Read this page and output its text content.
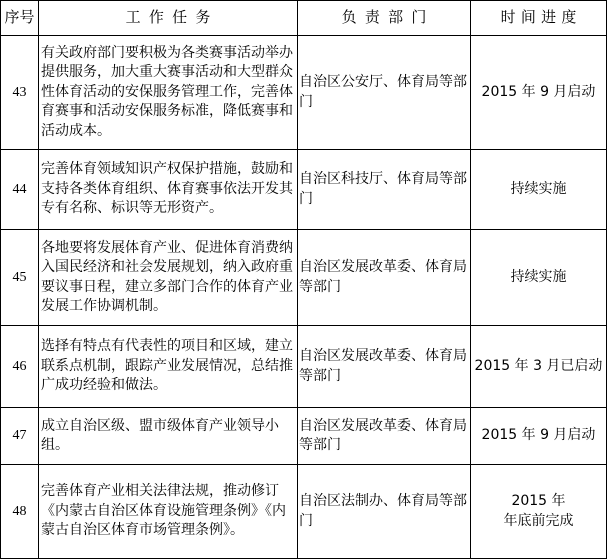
序号	工作任务	负责部门	时间进度
43	有关政府部门要积极为各类赛事活动举办提供服务，加大重大赛事活动和大型群众性体育活动的安保服务管理工作，完善体育赛事和活动安保服务标准，降低赛事和活动成本。	自治区公安厅、体育局等部门	2015 年 9 月启动

44	完善体育领域知识产权保护措施，鼓励和支持各类体育组织、体育赛事依法开发其专有名称、标识等无形资产。	自治区科技厅、体育局等部门	持续实施

45	各地要将发展体育产业、促进体育消费纳入国民经济和社会发展规划，纳入政府重要议事日程，建立多部门合作的体育产业发展工作协调机制。	自治区发展改革委、体育局等部门	持续实施

46	选择有特点有代表性的项目和区域，建立联系点机制，跟踪产业发展情况，总结推广成功经验和做法。	自治区发展改革委、体育局等部门	2015 年 3 月已启动

47	成立自治区级、盟市级体育产业领导小组。	自治区发展改革委、体育局等部门	2015 年 9 月启动

48	完善体育产业相关法律法规，推动修订《内蒙古自治区体育设施管理条例》《内蒙古自治区体育市场管理条例》。	自治区法制办、体育局等部门	2015 年
年底前完成
